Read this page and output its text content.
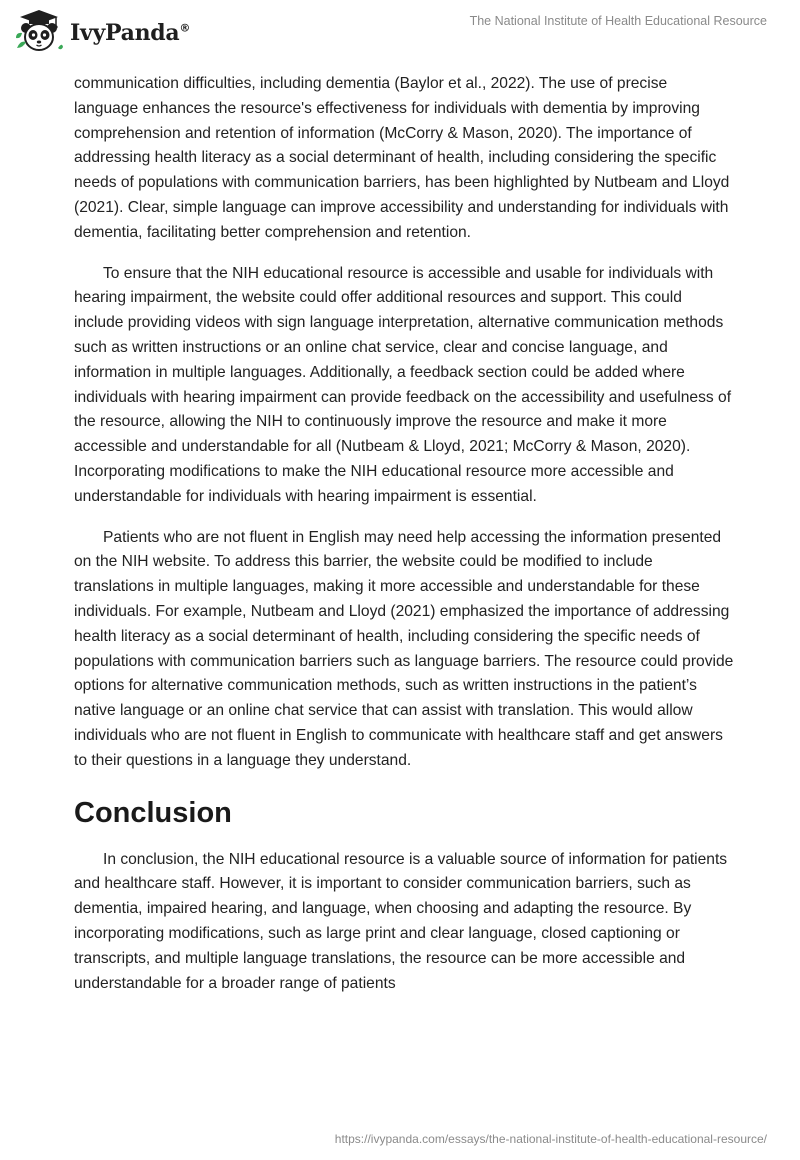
IvyPanda®
The National Institute of Health Educational Resource

communication difficulties, including dementia (Baylor et al., 2022). The use of precise language enhances the resource's effectiveness for individuals with dementia by improving comprehension and retention of information (McCorry & Mason, 2020). The importance of addressing health literacy as a social determinant of health, including considering the specific needs of populations with communication barriers, has been highlighted by Nutbeam and Lloyd (2021). Clear, simple language can improve accessibility and understanding for individuals with dementia, facilitating better comprehension and retention.

To ensure that the NIH educational resource is accessible and usable for individuals with hearing impairment, the website could offer additional resources and support. This could include providing videos with sign language interpretation, alternative communication methods such as written instructions or an online chat service, clear and concise language, and information in multiple languages. Additionally, a feedback section could be added where individuals with hearing impairment can provide feedback on the accessibility and usefulness of the resource, allowing the NIH to continuously improve the resource and make it more accessible and understandable for all (Nutbeam & Lloyd, 2021; McCorry & Mason, 2020). Incorporating modifications to make the NIH educational resource more accessible and understandable for individuals with hearing impairment is essential.

Patients who are not fluent in English may need help accessing the information presented on the NIH website. To address this barrier, the website could be modified to include translations in multiple languages, making it more accessible and understandable for these individuals. For example, Nutbeam and Lloyd (2021) emphasized the importance of addressing health literacy as a social determinant of health, including considering the specific needs of populations with communication barriers such as language barriers. The resource could provide options for alternative communication methods, such as written instructions in the patient’s native language or an online chat service that can assist with translation. This would allow individuals who are not fluent in English to communicate with healthcare staff and get answers to their questions in a language they understand.

Conclusion

In conclusion, the NIH educational resource is a valuable source of information for patients and healthcare staff. However, it is important to consider communication barriers, such as dementia, impaired hearing, and language, when choosing and adapting the resource. By incorporating modifications, such as large print and clear language, closed captioning or transcripts, and multiple language translations, the resource can be more accessible and understandable for a broader range of patients

https://ivypanda.com/essays/the-national-institute-of-health-educational-resource/
